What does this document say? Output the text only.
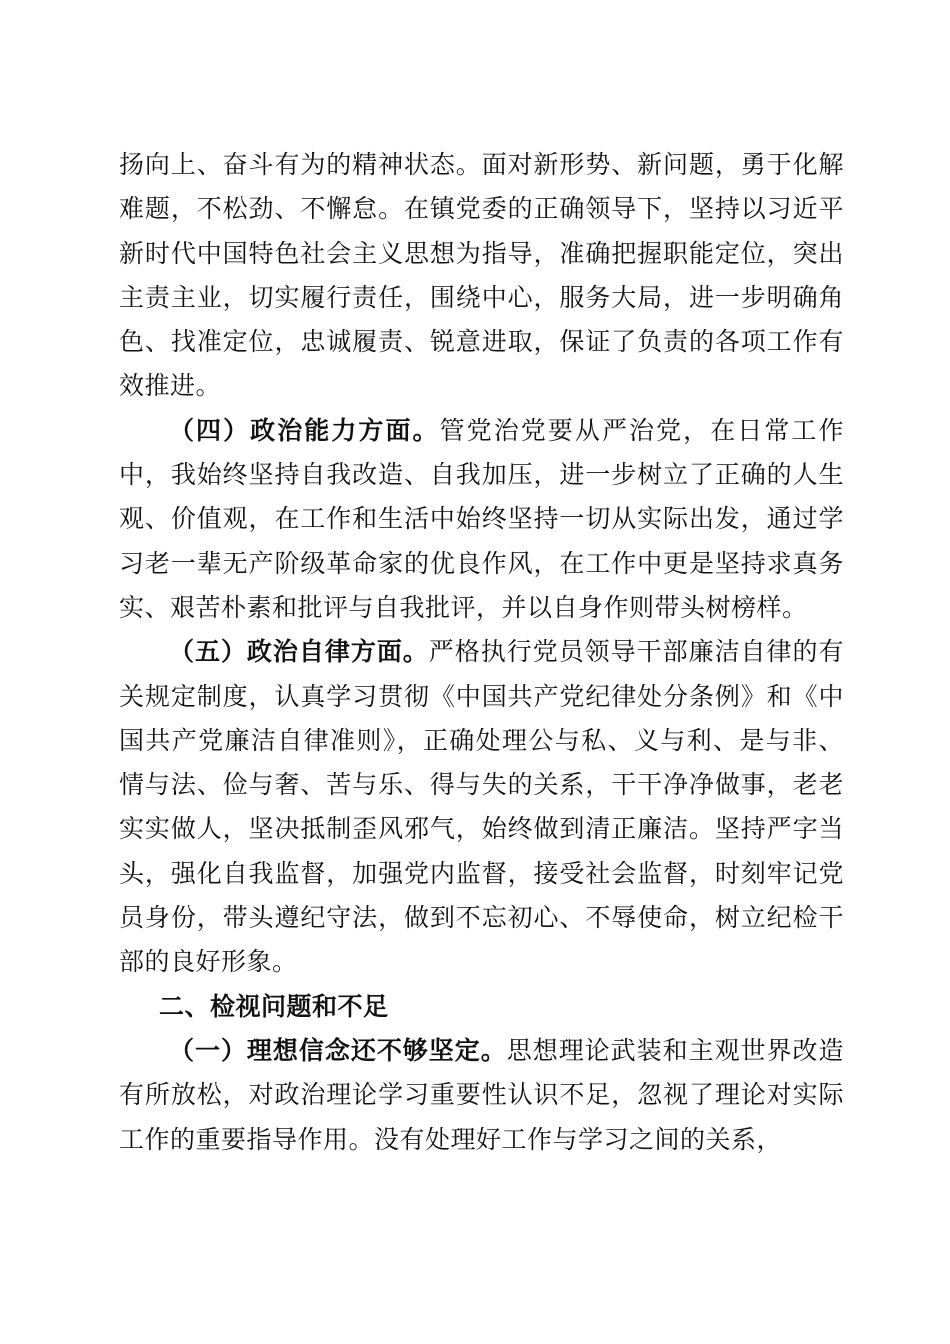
扬向上、奋斗有为的精神状态。面对新形势、新问题，勇于化解难题，不松劲、不懈怠。在镇党委的正确领导下，坚持以习近平新时代中国特色社会主义思想为指导，准确把握职能定位，突出主责主业，切实履行责任，围绕中心，服务大局，进一步明确角色、找准定位，忠诚履责、锐意进取，保证了负责的各项工作有效推进。

（四）政治能力方面。管党治党要从严治党，在日常工作中，我始终坚持自我改造、自我加压，进一步树立了正确的人生观、价值观，在工作和生活中始终坚持一切从实际出发，通过学习老一辈无产阶级革命家的优良作风，在工作中更是坚持求真务实、艰苦朴素和批评与自我批评，并以自身作则带头树榜样。

（五）政治自律方面。严格执行党员领导干部廉洁自律的有关规定制度，认真学习贯彻《中国共产党纪律处分条例》和《中国共产党廉洁自律准则》，正确处理公与私、义与利、是与非、情与法、俭与奢、苦与乐、得与失的关系，干干净净做事，老老实实做人，坚决抵制歪风邪气，始终做到清正廉洁。坚持严字当头，强化自我监督，加强党内监督，接受社会监督，时刻牢记党员身份，带头遵纪守法，做到不忘初心、不辱使命，树立纪检干部的良好形象。

二、检视问题和不足

（一）理想信念还不够坚定。思想理论武装和主观世界改造有所放松，对政治理论学习重要性认识不足，忽视了理论对实际工作的重要指导作用。没有处理好工作与学习之间的关系，
